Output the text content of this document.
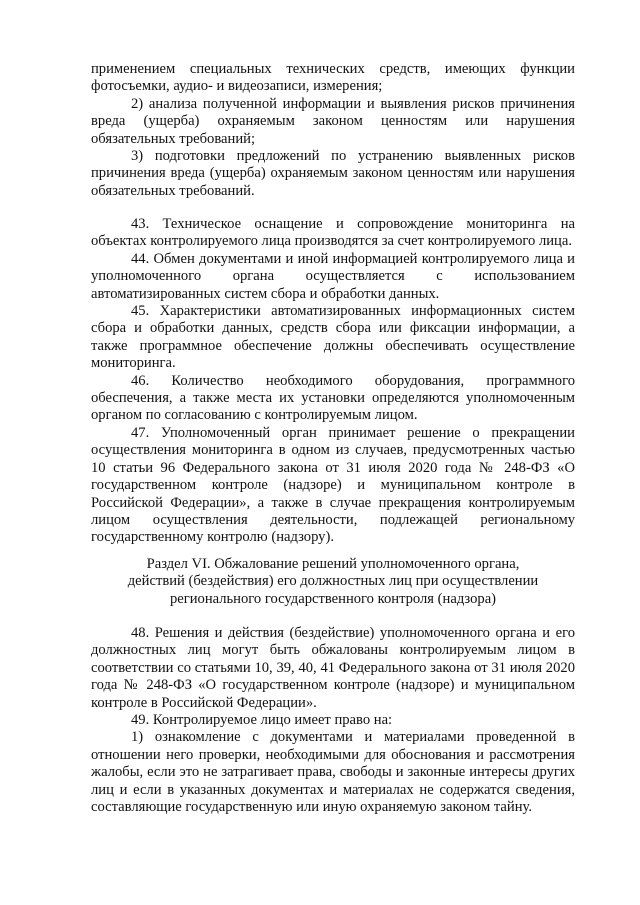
применением специальных технических средств, имеющих функции фотосъемки, аудио- и видеозаписи, измерения;

2) анализа полученной информации и выявления рисков причинения вреда (ущерба) охраняемым законом ценностям или нарушения обязательных требований;

3) подготовки предложений по устранению выявленных рисков причинения вреда (ущерба) охраняемым законом ценностям или нарушения обязательных требований.

43. Техническое оснащение и сопровождение мониторинга на объектах контролируемого лица производятся за счет контролируемого лица.

44. Обмен документами и иной информацией контролируемого лица и уполномоченного органа осуществляется с использованием автоматизированных систем сбора и обработки данных.

45. Характеристики автоматизированных информационных систем сбора и обработки данных, средств сбора или фиксации информации, а также программное обеспечение должны обеспечивать осуществление мониторинга.

46. Количество необходимого оборудования, программного обеспечения, а также места их установки определяются уполномоченным органом по согласованию с контролируемым лицом.

47. Уполномоченный орган принимает решение о прекращении осуществления мониторинга в одном из случаев, предусмотренных частью 10 статьи 96 Федерального закона от 31 июля 2020 года № 248-ФЗ «О государственном контроле (надзоре) и муниципальном контроле в Российской Федерации», а также в случае прекращения контролируемым лицом осуществления деятельности, подлежащей региональному государственному контролю (надзору).

Раздел VI. Обжалование решений уполномоченного органа,
действий (бездействия) его должностных лиц при осуществлении
регионального государственного контроля (надзора)

48. Решения и действия (бездействие) уполномоченного органа и его должностных лиц могут быть обжалованы контролируемым лицом в соответствии со статьями 10, 39, 40, 41 Федерального закона от 31 июля 2020 года № 248-ФЗ «О государственном контроле (надзоре) и муниципальном контроле в Российской Федерации».

49. Контролируемое лицо имеет право на:

1) ознакомление с документами и материалами проведенной в отношении него проверки, необходимыми для обоснования и рассмотрения жалобы, если это не затрагивает права, свободы и законные интересы других лиц и если в указанных документах и материалах не содержатся сведения, составляющие государственную или иную охраняемую законом тайну.
